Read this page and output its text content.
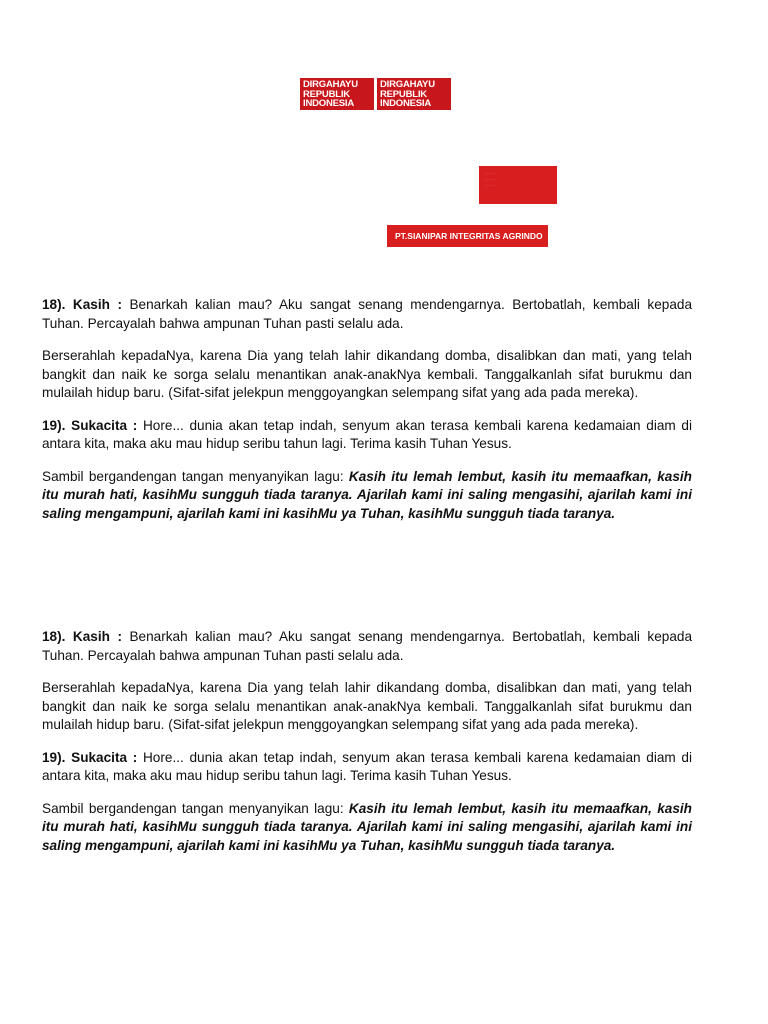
DIRGAHAYU
REPUBLIK
INDONESIA
DIRGAHAYU
REPUBLIK
INDONESIA
..........
..........
..........
PT.SIANIPAR INTEGRITAS AGRINDO

18). Kasih : Benarkah kalian mau? Aku sangat senang mendengarnya. Bertobatlah, kembali kepada Tuhan. Percayalah bahwa ampunan Tuhan pasti selalu ada.

Berserahlah kepadaNya, karena Dia yang telah lahir dikandang domba, disalibkan dan mati, yang telah bangkit dan naik ke sorga selalu menantikan anak-anakNya kembali. Tanggalkanlah sifat burukmu dan mulailah hidup baru. (Sifat-sifat jelekpun menggoyangkan selempang sifat yang ada pada mereka).

19). Sukacita : Hore... dunia akan tetap indah, senyum akan terasa kembali karena kedamaian diam di antara kita, maka aku mau hidup seribu tahun lagi. Terima kasih Tuhan Yesus.

Sambil bergandengan tangan menyanyikan lagu: Kasih itu lemah lembut, kasih itu memaafkan, kasih itu murah hati, kasihMu sungguh tiada taranya. Ajarilah kami ini saling mengasihi, ajarilah kami ini saling mengampuni, ajarilah kami ini kasihMu ya Tuhan, kasihMu sungguh tiada taranya.

18). Kasih : Benarkah kalian mau? Aku sangat senang mendengarnya. Bertobatlah, kembali kepada Tuhan. Percayalah bahwa ampunan Tuhan pasti selalu ada.

Berserahlah kepadaNya, karena Dia yang telah lahir dikandang domba, disalibkan dan mati, yang telah bangkit dan naik ke sorga selalu menantikan anak-anakNya kembali. Tanggalkanlah sifat burukmu dan mulailah hidup baru. (Sifat-sifat jelekpun menggoyangkan selempang sifat yang ada pada mereka).

19). Sukacita : Hore... dunia akan tetap indah, senyum akan terasa kembali karena kedamaian diam di antara kita, maka aku mau hidup seribu tahun lagi. Terima kasih Tuhan Yesus.

Sambil bergandengan tangan menyanyikan lagu: Kasih itu lemah lembut, kasih itu memaafkan, kasih itu murah hati, kasihMu sungguh tiada taranya. Ajarilah kami ini saling mengasihi, ajarilah kami ini saling mengampuni, ajarilah kami ini kasihMu ya Tuhan, kasihMu sungguh tiada taranya.
